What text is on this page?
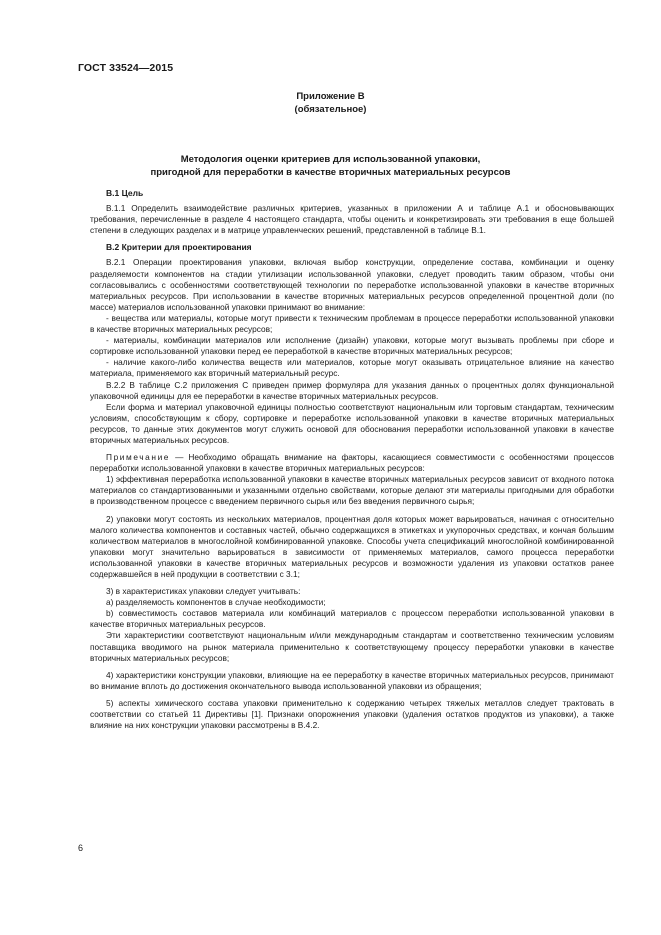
ГОСТ 33524—2015
Приложение В
(обязательное)
Методология оценки критериев для использованной упаковки,
пригодной для переработки в качестве вторичных материальных ресурсов
В.1 Цель

В.1.1 Определить взаимодействие различных критериев, указанных в приложении А и таблице А.1 и обосновывающих требования, перечисленные в разделе 4 настоящего стандарта, чтобы оценить и конкретизировать эти требования в еще большей степени в следующих разделах и в матрице управленческих решений, представленной в таблице В.1.

В.2 Критерии для проектирования

В.2.1 Операции проектирования упаковки, включая выбор конструкции, определение состава, комбинации и оценку разделяемости компонентов на стадии утилизации использованной упаковки, следует проводить таким образом, чтобы они согласовывались с особенностями соответствующей технологии по переработке использованной упаковки в качестве вторичных материальных ресурсов. При использовании в качестве вторичных материальных ресурсов определенной процентной доли (по массе) материалов использованной упаковки принимают во внимание:

- вещества или материалы, которые могут привести к техническим проблемам в процессе переработки использованной упаковки в качестве вторичных материальных ресурсов;

- материалы, комбинации материалов или исполнение (дизайн) упаковки, которые могут вызывать проблемы при сборе и сортировке использованной упаковки перед ее переработкой в качестве вторичных материальных ресурсов;

- наличие какого-либо количества веществ или материалов, которые могут оказывать отрицательное влияние на качество материала, применяемого как вторичный материальный ресурс.

В.2.2 В таблице С.2 приложения С приведен пример формуляра для указания данных о процентных долях функциональной упаковочной единицы для ее переработки в качестве вторичных материальных ресурсов.

Если форма и материал упаковочной единицы полностью соответствуют национальным или торговым стандартам, техническим условиям, способствующим к сбору, сортировке и переработке использованной упаковки в качестве вторичных материальных ресурсов, то данные этих документов могут служить основой для обоснования переработки использованной упаковки в качестве вторичных материальных ресурсов.

Примечание — Необходимо обращать внимание на факторы, касающиеся совместимости с особенностями процессов переработки использованной упаковки в качестве вторичных материальных ресурсов:

1) эффективная переработка использованной упаковки в качестве вторичных материальных ресурсов зависит от входного потока материалов со стандартизованными и указанными отдельно свойствами, которые делают эти материалы пригодными для обработки в производственном процессе с введением первичного сырья или без введения первичного сырья;

2) упаковки могут состоять из нескольких материалов, процентная доля которых может варьироваться, начиная с относительно малого количества компонентов и составных частей, обычно содержащихся в этикетках и укупорочных средствах, и кончая большим количеством материалов в многослойной комбинированной упаковке. Способы учета спецификаций многослойной комбинированной упаковки могут значительно варьироваться в зависимости от применяемых материалов, самого процесса переработки использованной упаковки в качестве вторичных материальных ресурсов и возможности удаления из упаковки остатков ранее содержавшейся в ней продукции в соответствии с 3.1;

3) в характеристиках упаковки следует учитывать:

a) разделяемость компонентов в случае необходимости;

b) совместимость составов материала или комбинаций материалов с процессом переработки использованной упаковки в качестве вторичных материальных ресурсов.

Эти характеристики соответствуют национальным и/или международным стандартам и соответственно техническим условиям поставщика вводимого на рынок материала применительно к соответствующему процессу переработки упаковки в качестве вторичных материальных ресурсов;

4) характеристики конструкции упаковки, влияющие на ее переработку в качестве вторичных материальных ресурсов, принимают во внимание вплоть до достижения окончательного вывода использованной упаковки из обращения;

5) аспекты химического состава упаковки применительно к содержанию четырех тяжелых металлов следует трактовать в соответствии со статьей 11 Директивы [1]. Признаки опорожнения упаковки (удаления остатков продуктов из упаковки), а также влияние на них конструкции упаковки рассмотрены в В.4.2.

6
